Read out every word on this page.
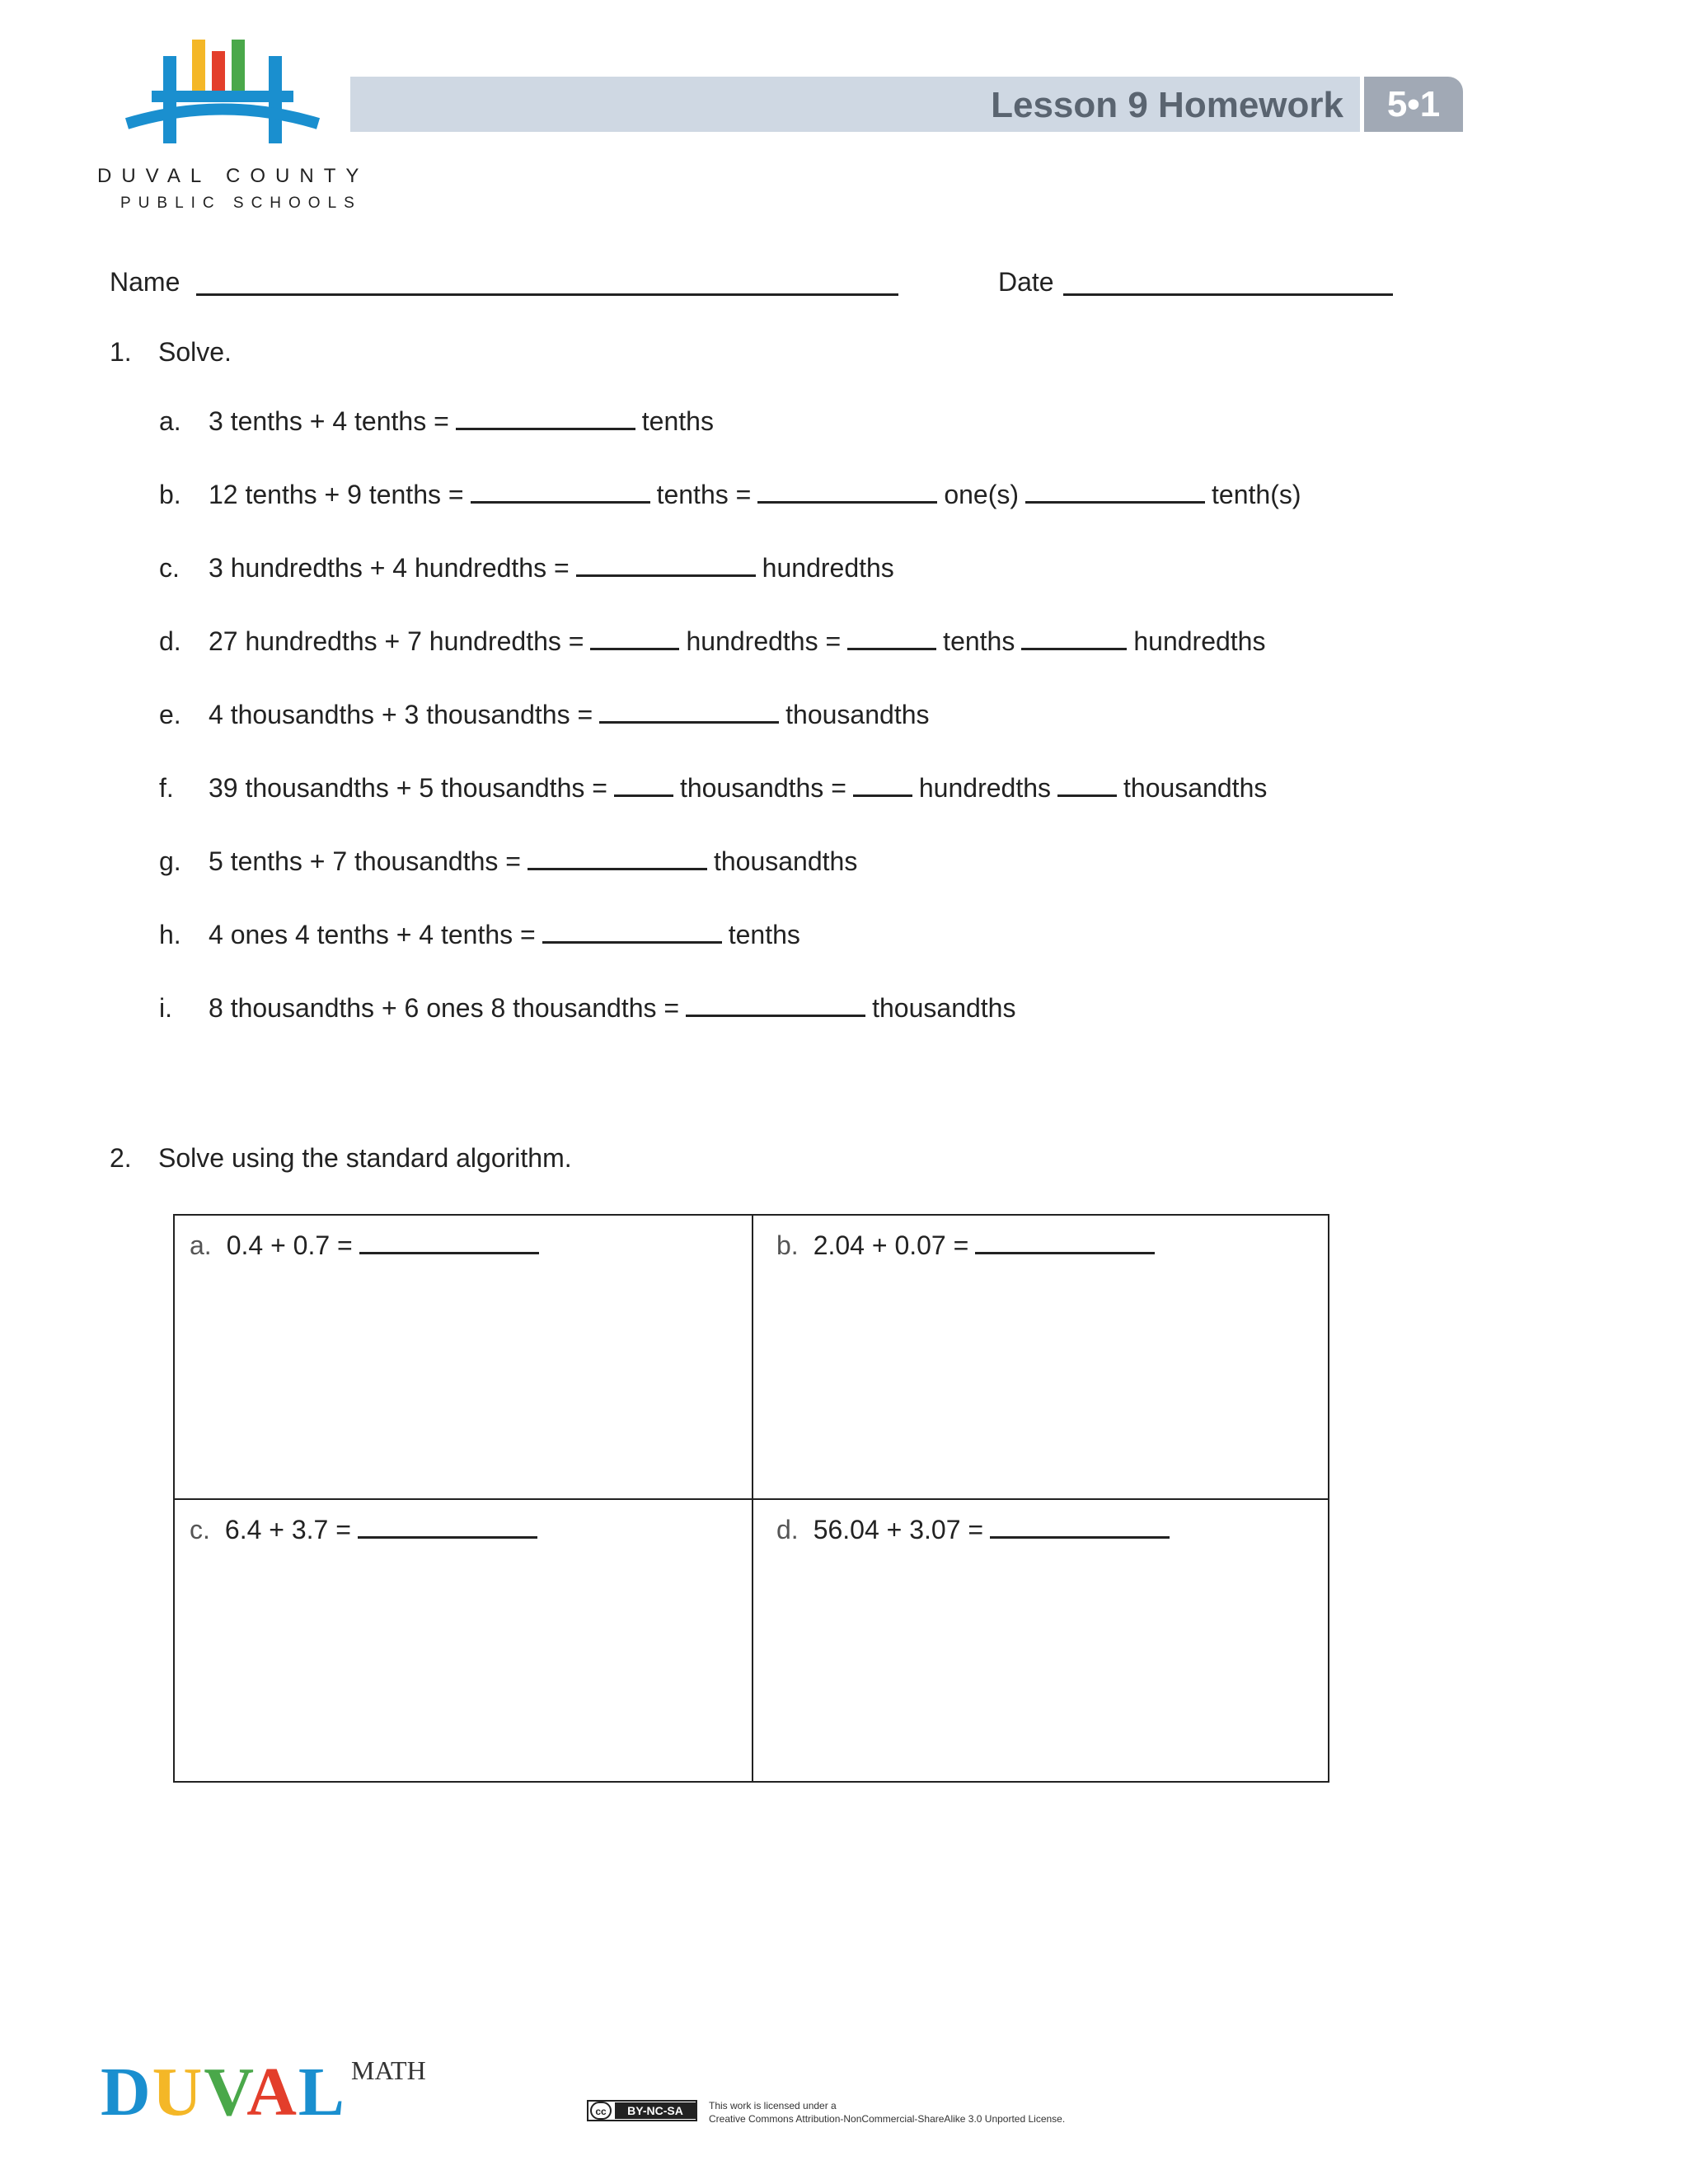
DUVAL COUNTY
PUBLIC SCHOOLS
Lesson 9 Homework	5•1
Name	Date
1. Solve.
a. 3 tenths + 4 tenths =	tenths
b. 12 tenths + 9 tenths =	tenths =	one(s)	tenth(s)
c. 3 hundredths + 4 hundredths =	hundredths
d. 27 hundredths + 7 hundredths =	hundredths =	tenths	hundredths
e. 4 thousandths + 3 thousandths =	thousandths
f. 39 thousandths + 5 thousandths =	thousandths =	hundredths	thousandths
g. 5 tenths + 7 thousandths =	thousandths
h. 4 ones 4 tenths + 4 tenths =	tenths
i. 8 thousandths + 6 ones 8 thousandths =	thousandths
2. Solve using the standard algorithm.
a. 0.4 + 0.7 =	b. 2.04 + 0.07 =
c. 6.4 + 3.7 =	d. 56.04 + 3.07 =
DUVAL MATH
cc	BY-NC-SA	This work is licensed under a
Creative Commons Attribution-NonCommercial-ShareAlike 3.0 Unported License.
